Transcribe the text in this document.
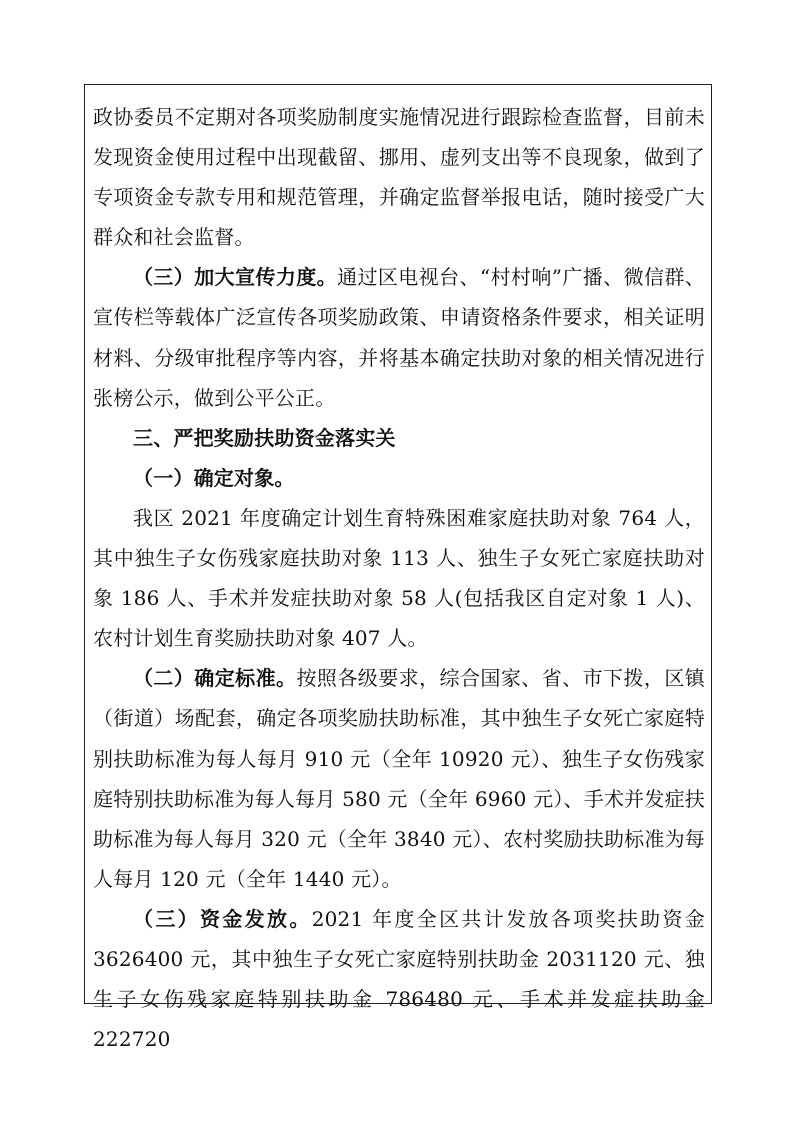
政协委员不定期对各项奖励制度实施情况进行跟踪检查监督，目前未发现资金使用过程中出现截留、挪用、虚列支出等不良现象，做到了专项资金专款专用和规范管理，并确定监督举报电话，随时接受广大群众和社会监督。

（三）加大宣传力度。通过区电视台、“村村响”广播、微信群、宣传栏等载体广泛宣传各项奖励政策、申请资格条件要求，相关证明材料、分级审批程序等内容，并将基本确定扶助对象的相关情况进行张榜公示，做到公平公正。

三、严把奖励扶助资金落实关

（一）确定对象。

我区 2021 年度确定计划生育特殊困难家庭扶助对象 764 人，其中独生子女伤残家庭扶助对象 113 人、独生子女死亡家庭扶助对象 186 人、手术并发症扶助对象 58 人(包括我区自定对象 1 人)、农村计划生育奖励扶助对象 407 人。

（二）确定标准。按照各级要求，综合国家、省、市下拨，区镇（街道）场配套，确定各项奖励扶助标准，其中独生子女死亡家庭特别扶助标准为每人每月 910 元（全年 10920 元）、独生子女伤残家庭特别扶助标准为每人每月 580 元（全年 6960 元）、手术并发症扶助标准为每人每月 320 元（全年 3840 元）、农村奖励扶助标准为每人每月 120 元（全年 1440 元）。

（三）资金发放。2021 年度全区共计发放各项奖扶助资金 3626400 元，其中独生子女死亡家庭特别扶助金 2031120 元、独生子女伤残家庭特别扶助金 786480 元、手术并发症扶助金 222720
